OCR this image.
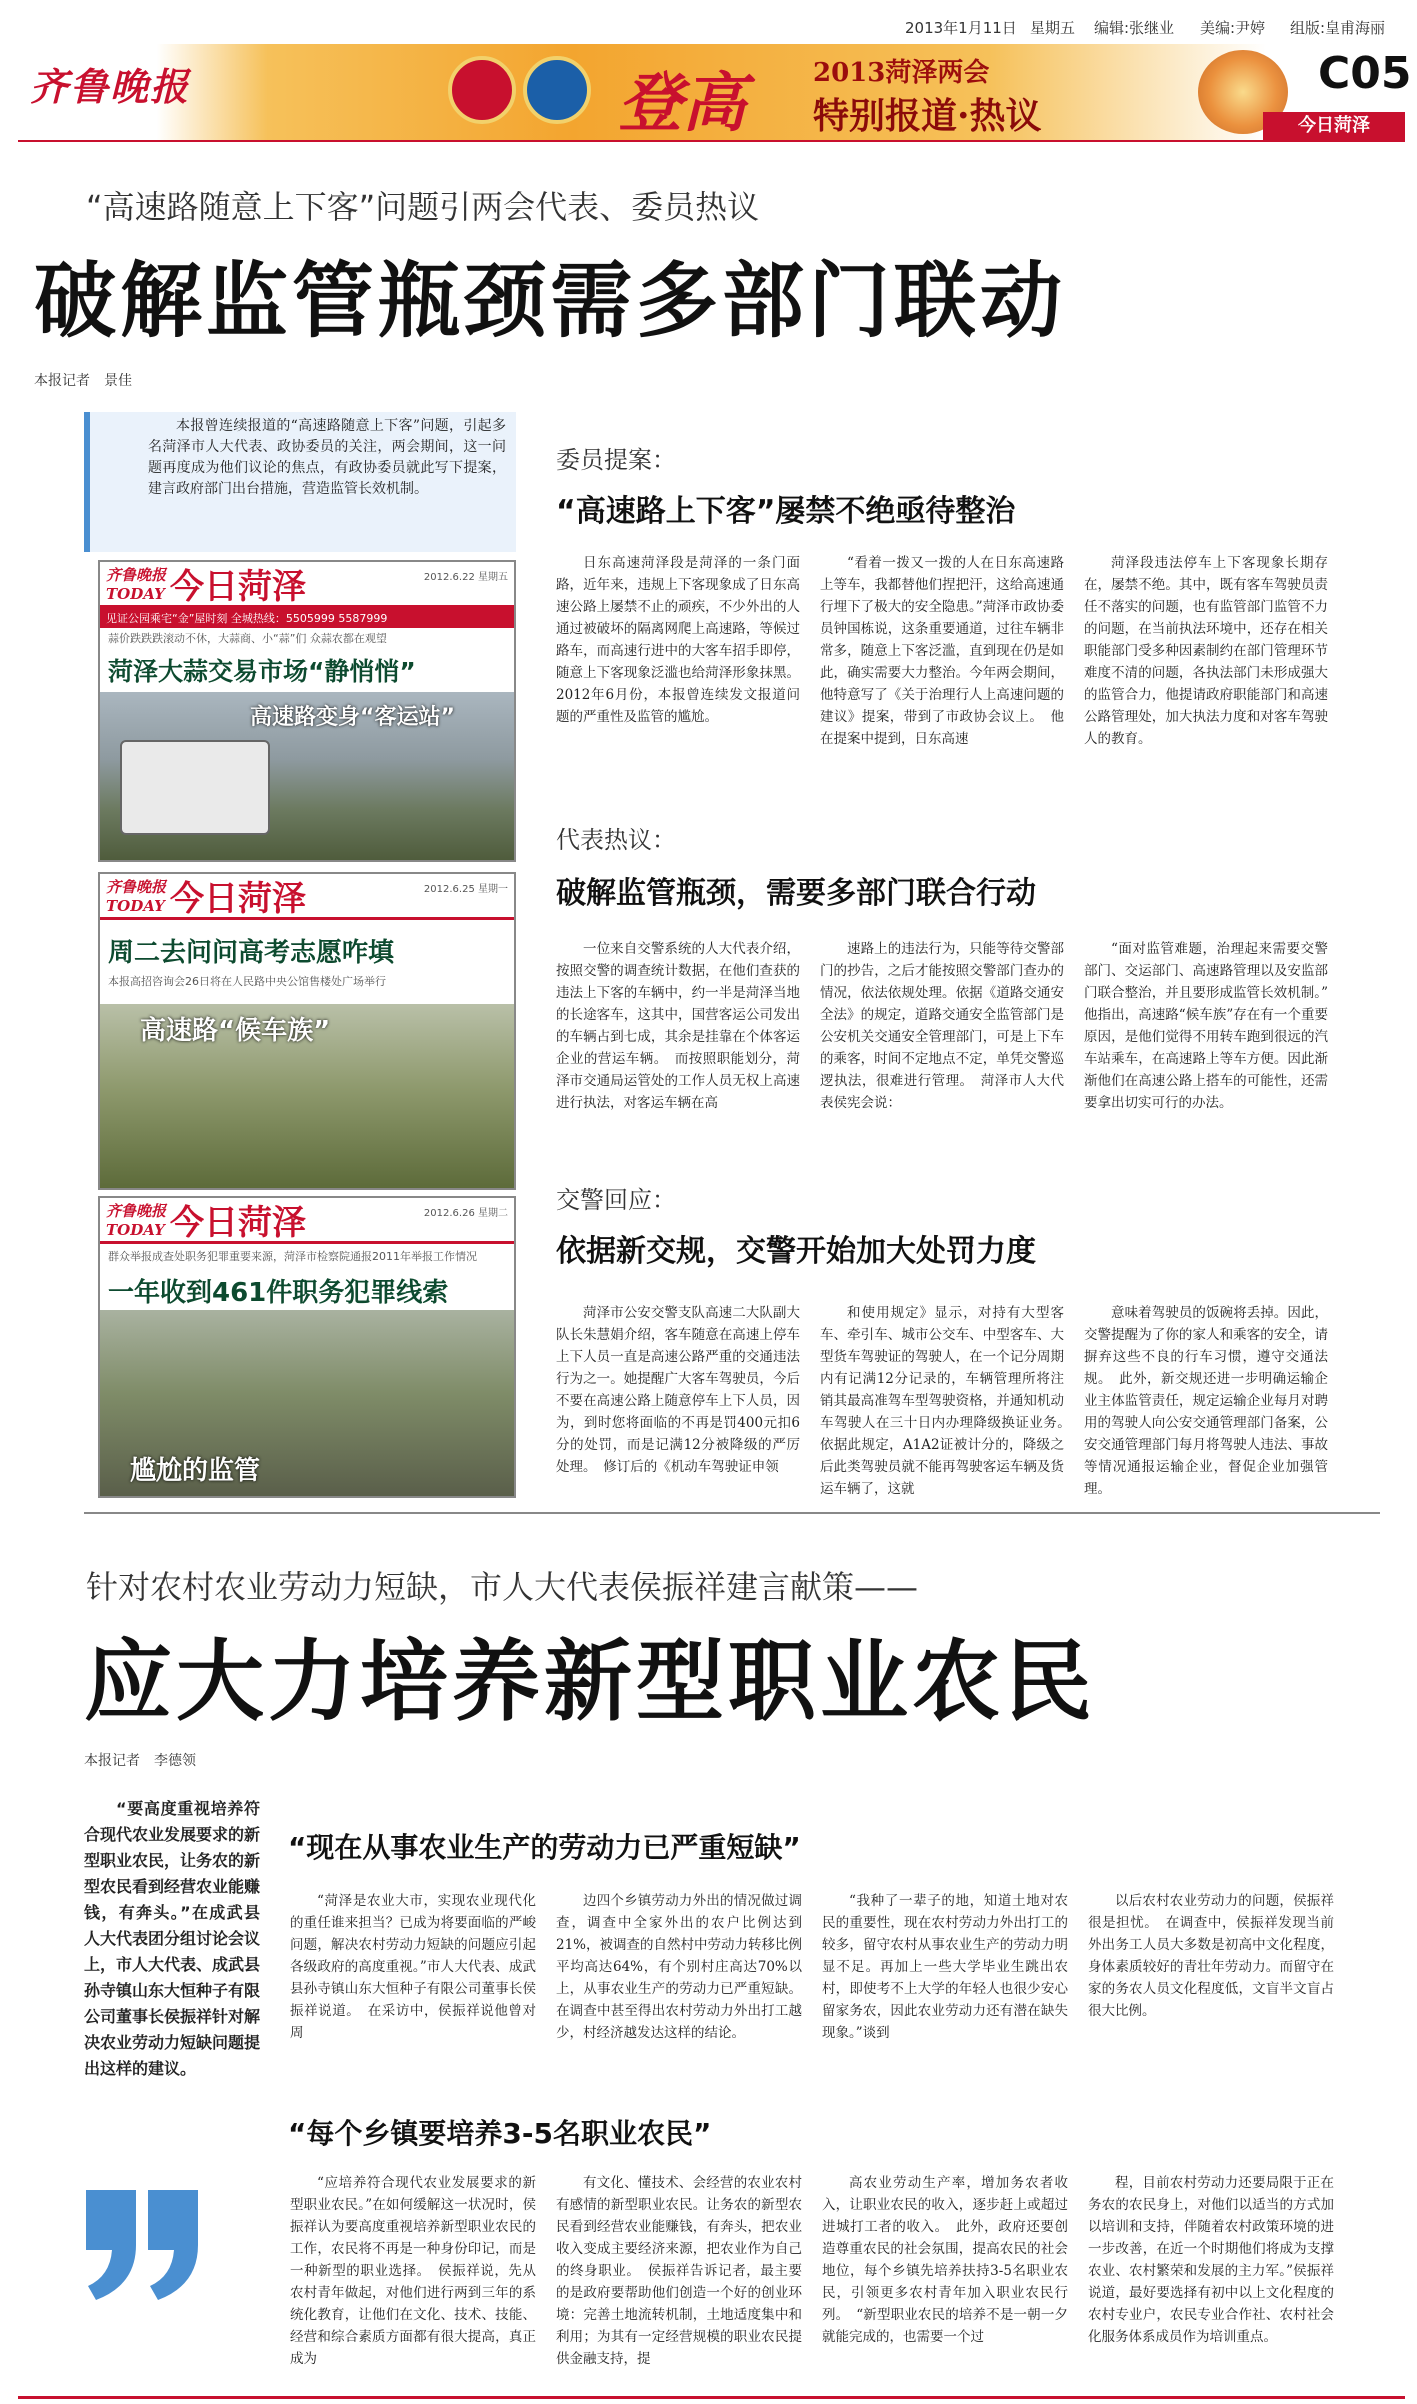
2013年1月11日 星期五 编辑:张继业 美编:尹婷 组版:皇甫海丽
齐鲁晚报	登高	2013菏泽两会
特别报道·热议
C05
今日菏泽
“高速路随意上下客”问题引两会代表、委员热议
破解监管瓶颈需多部门联动
本报记者　景佳
本报曾连续报道的“高速路随意上下客”问题，引起多名菏泽市人大代表、政协委员的关注，两会期间，这一问题再度成为他们议论的焦点，有政协委员就此写下提案，建言政府部门出台措施，营造监管长效机制。
齐鲁晚报 TODAY 今日菏泽	2012.6.22 星期五
见证公园乘宅“金”屋时刻 全城热线：5505999 5587999
蒜价跌跌跌滚动不休，大蒜商、小“蒜”们 众蒜农都在观望
菏泽大蒜交易市场“静悄悄”
高速路变身“客运站”
齐鲁晚报 TODAY 今日菏泽	2012.6.25 星期一
周二去问问高考志愿咋填
本报高招咨询会26日将在人民路中央公馆售楼处广场举行
高速路“候车族”
齐鲁晚报 TODAY 今日菏泽	2012.6.26 星期二
群众举报成查处职务犯罪重要来源，菏泽市检察院通报2011年举报工作情况
一年收到461件职务犯罪线索
尴尬的监管
委员提案：
“高速路上下客”屡禁不绝亟待整治
日东高速菏泽段是菏泽的一条门面路，近年来，违规上下客现象成了日东高速公路上屡禁不止的顽疾，不少外出的人通过被破坏的隔离网爬上高速路，等候过路车，而高速行进中的大客车招手即停，随意上下客现象泛滥也给菏泽形象抹黑。2012年6月份，本报曾连续发文报道问题的严重性及监管的尴尬。
“看着一拨又一拨的人在日东高速路上等车，我都替他们捏把汗，这给高速通行埋下了极大的安全隐患。”菏泽市政协委员钟国栋说，这条重要通道，过往车辆非常多，随意上下客泛滥，直到现在仍是如此，确实需要大力整治。今年两会期间，他特意写了《关于治理行人上高速问题的建议》提案，带到了市政协会议上。　他在提案中提到，日东高速
菏泽段违法停车上下客现象长期存在，屡禁不绝。其中，既有客车驾驶员责任不落实的问题，也有监管部门监管不力的问题，在当前执法环境中，还存在相关职能部门受多种因素制约在部门管理环节难度不清的问题，各执法部门未形成强大的监管合力，他提请政府职能部门和高速公路管理处，加大执法力度和对客车驾驶人的教育。
代表热议：
破解监管瓶颈，需要多部门联合行动
一位来自交警系统的人大代表介绍，按照交警的调查统计数据，在他们查获的违法上下客的车辆中，约一半是菏泽当地的长途客车，这其中，国营客运公司发出的车辆占到七成，其余是挂靠在个体客运企业的营运车辆。　而按照职能划分，菏泽市交通局运管处的工作人员无权上高速进行执法，对客运车辆在高
速路上的违法行为，只能等待交警部门的抄告，之后才能按照交警部门查办的情况，依法依规处理。依据《道路交通安全法》的规定，道路交通安全监管部门是公安机关交通安全管理部门，可是上下车的乘客，时间不定地点不定，单凭交警巡逻执法，很难进行管理。　菏泽市人大代表侯宪会说：
“面对监管难题，治理起来需要交警部门、交运部门、高速路管理以及安监部门联合整治，并且要形成监管长效机制。”　他指出，高速路“候车族”存在有一个重要原因，是他们觉得不用转车跑到很远的汽车站乘车，在高速路上等车方便。因此渐渐他们在高速公路上搭车的可能性，还需要拿出切实可行的办法。
交警回应：
依据新交规，交警开始加大处罚力度
菏泽市公安交警支队高速二大队副大队长朱慧娟介绍，客车随意在高速上停车上下人员一直是高速公路严重的交通违法行为之一。她提醒广大客车驾驶员，今后不要在高速公路上随意停车上下人员，因为，到时您将面临的不再是罚400元扣6分的处罚，而是记满12分被降级的严厉处理。　修订后的《机动车驾驶证申领
和使用规定》显示，对持有大型客车、牵引车、城市公交车、中型客车、大型货车驾驶证的驾驶人，在一个记分周期内有记满12分记录的，车辆管理所将注销其最高准驾车型驾驶资格，并通知机动车驾驶人在三十日内办理降级换证业务。　依据此规定，A1A2证被计分的，降级之后此类驾驶员就不能再驾驶客运车辆及货运车辆了，这就
意味着驾驶员的饭碗将丢掉。因此，交警提醒为了你的家人和乘客的安全，请摒弃这些不良的行车习惯，遵守交通法规。　此外，新交规还进一步明确运输企业主体监管责任，规定运输企业每月对聘用的驾驶人向公安交通管理部门备案，公安交通管理部门每月将驾驶人违法、事故等情况通报运输企业，督促企业加强管理。
针对农村农业劳动力短缺，市人大代表侯振祥建言献策——
应大力培养新型职业农民
本报记者　李德领
“要高度重视培养符合现代农业发展要求的新型职业农民，让务农的新型农民看到经营农业能赚钱，有奔头。”在成武县人大代表团分组讨论会议上，市人大代表、成武县孙寺镇山东大恒种子有限公司董事长侯振祥针对解决农业劳动力短缺问题提出这样的建议。
“现在从事农业生产的劳动力已严重短缺”
“菏泽是农业大市，实现农业现代化的重任谁来担当？已成为将要面临的严峻问题，解决农村劳动力短缺的问题应引起各级政府的高度重视。”市人大代表、成武县孙寺镇山东大恒种子有限公司董事长侯振祥说道。　在采访中，侯振祥说他曾对周
边四个乡镇劳动力外出的情况做过调查，调查中全家外出的农户比例达到21%，被调查的自然村中劳动力转移比例平均高达64%，有个别村庄高达70%以上，从事农业生产的劳动力已严重短缺。在调查中甚至得出农村劳动力外出打工越少，村经济越发达这样的结论。
“我种了一辈子的地，知道土地对农民的重要性，现在农村劳动力外出打工的较多，留守农村从事农业生产的劳动力明显不足。再加上一些大学毕业生跳出农村，即使考不上大学的年轻人也很少安心留家务农，因此农业劳动力还有潜在缺失现象。”谈到
以后农村农业劳动力的问题，侯振祥很是担忧。　在调查中，侯振祥发现当前外出务工人员大多数是初高中文化程度，身体素质较好的青壮年劳动力。而留守在家的务农人员文化程度低，文盲半文盲占很大比例。
“每个乡镇要培养3-5名职业农民”
“应培养符合现代农业发展要求的新型职业农民。”在如何缓解这一状况时，侯振祥认为要高度重视培养新型职业农民的工作，农民将不再是一种身份印记，而是一种新型的职业选择。　侯振祥说，先从农村青年做起，对他们进行两到三年的系统化教育，让他们在文化、技术、技能、经营和综合素质方面都有很大提高，真正成为
有文化、懂技术、会经营的农业农村有感情的新型职业农民。让务农的新型农民看到经营农业能赚钱，有奔头，把农业收入变成主要经济来源，把农业作为自己的终身职业。　侯振祥告诉记者，最主要的是政府要帮助他们创造一个好的创业环境：完善土地流转机制，土地适度集中和利用；为其有一定经营规模的职业农民提供金融支持，提
高农业劳动生产率，增加务农者收入，让职业农民的收入，逐步赶上或超过进城打工者的收入。　此外，政府还要创造尊重农民的社会氛围，提高农民的社会地位，每个乡镇先培养扶持3-5名职业农民，引领更多农村青年加入职业农民行列。　“新型职业农民的培养不是一朝一夕就能完成的，也需要一个过
程，目前农村劳动力还要局限于正在务农的农民身上，对他们以适当的方式加以培训和支持，伴随着农村政策环境的进一步改善，在近一个时期他们将成为支撑农业、农村繁荣和发展的主力军。”侯振祥说道，最好要选择有初中以上文化程度的农村专业户，农民专业合作社、农村社会化服务体系成员作为培训重点。
